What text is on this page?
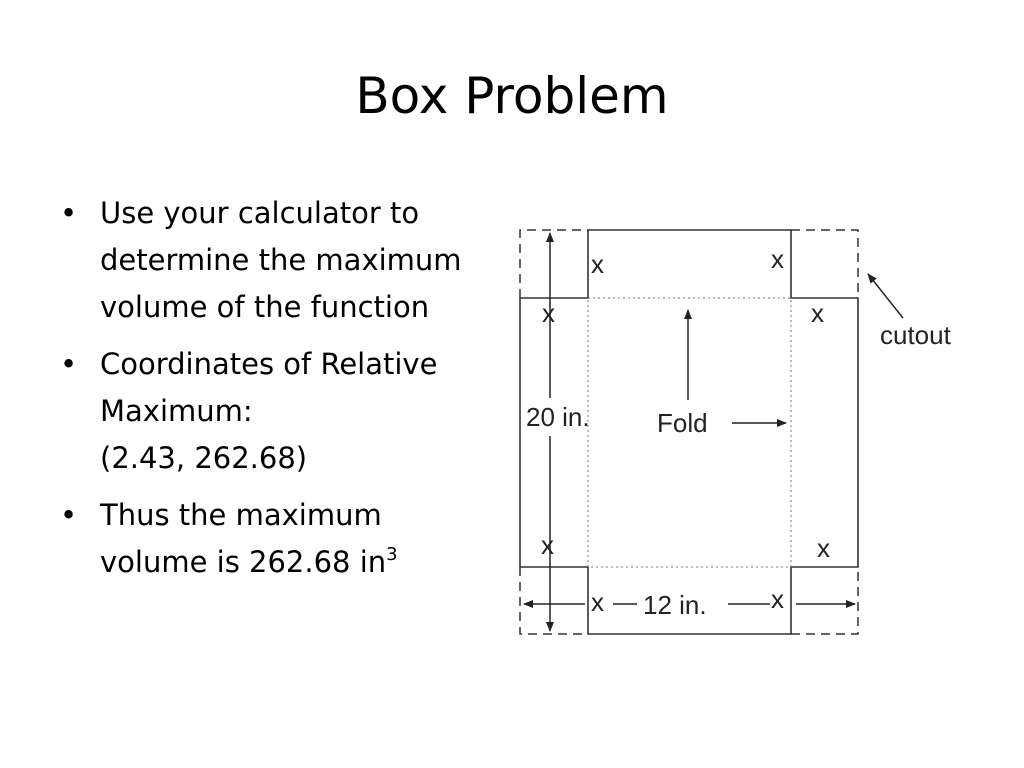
Box Problem
• Use your calculator to determine the maximum volume of the function
• Coordinates of Relative Maximum:
(2.43, 262.68)
• Thus the maximum volume is 262.68 $in^3$
20 in.
12 in.
Fold
cutout
x	x
x	x
x	x
x	x
